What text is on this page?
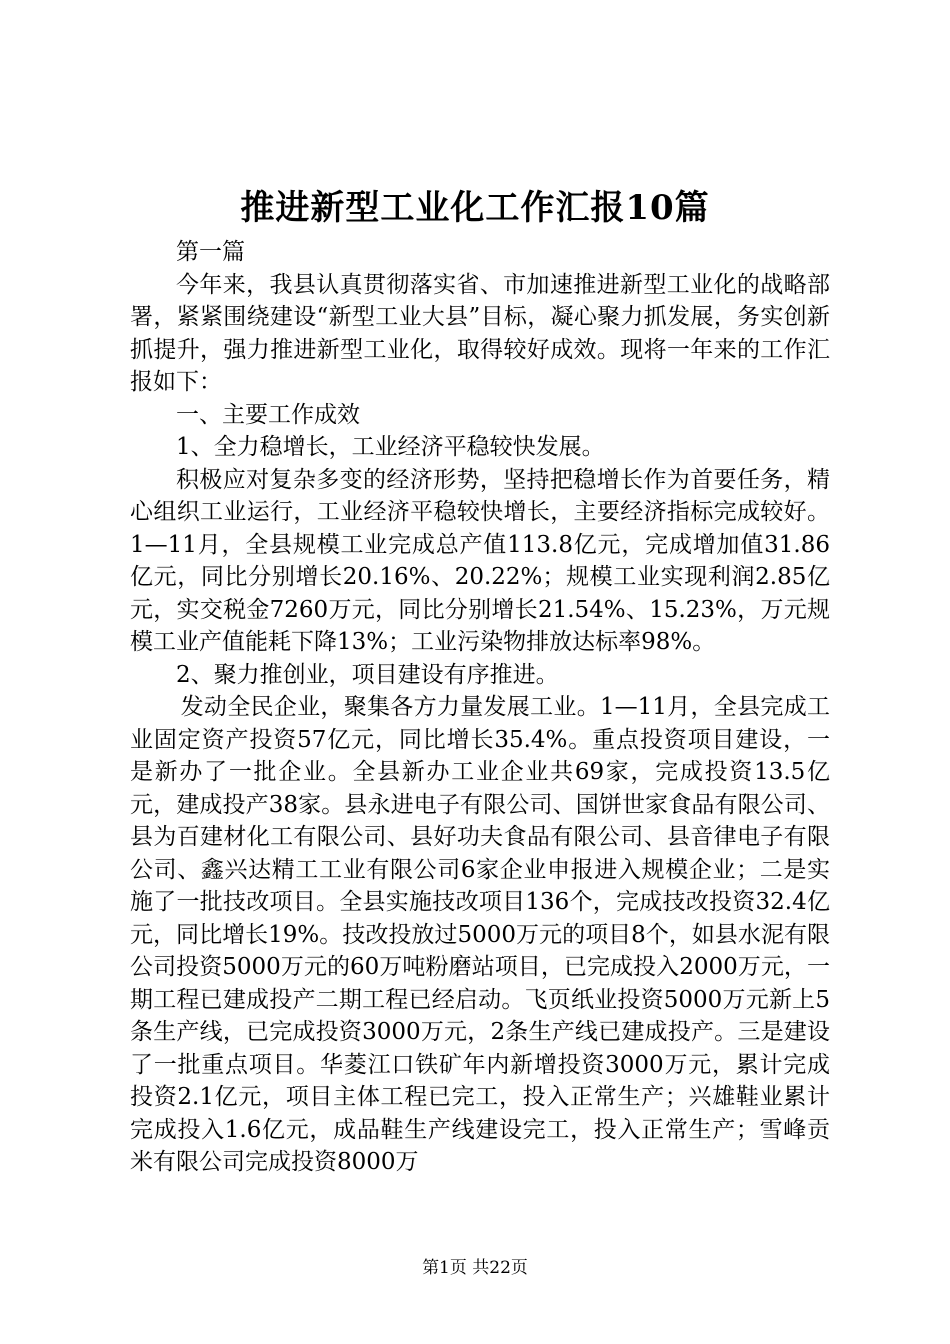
推进新型工业化工作汇报10篇

第一篇

今年来，我县认真贯彻落实省、市加速推进新型工业化的战略部署，紧紧围绕建设“新型工业大县”目标，凝心聚力抓发展，务实创新抓提升，强力推进新型工业化，取得较好成效。现将一年来的工作汇报如下：

一、主要工作成效

1、全力稳增长，工业经济平稳较快发展。

积极应对复杂多变的经济形势，坚持把稳增长作为首要任务，精心组织工业运行，工业经济平稳较快增长，主要经济指标完成较好。1—11月，全县规模工业完成总产值113.8亿元，完成增加值31.86亿元，同比分别增长20.16%、20.22%；规模工业实现利润2.85亿元，实交税金7260万元，同比分别增长21.54%、15.23%，万元规模工业产值能耗下降13%；工业污染物排放达标率98%。

2、聚力推创业，项目建设有序推进。

发动全民企业，聚集各方力量发展工业。1—11月，全县完成工业固定资产投资57亿元，同比增长35.4%。重点投资项目建设，一是新办了一批企业。全县新办工业企业共69家，完成投资13.5亿元，建成投产38家。县永进电子有限公司、国饼世家食品有限公司、县为百建材化工有限公司、县好功夫食品有限公司、县音律电子有限公司、鑫兴达精工工业有限公司6家企业申报进入规模企业；二是实施了一批技改项目。全县实施技改项目136个，完成技改投资32.4亿元，同比增长19%。技改投放过5000万元的项目8个，如县水泥有限公司投资5000万元的60万吨粉磨站项目，已完成投入2000万元，一期工程已建成投产二期工程已经启动。飞页纸业投资5000万元新上5条生产线，已完成投资3000万元，2条生产线已建成投产。三是建设了一批重点项目。华菱江口铁矿年内新增投资3000万元，累计完成投资2.1亿元，项目主体工程已完工，投入正常生产；兴雄鞋业累计完成投入1.6亿元，成品鞋生产线建设完工，投入正常生产；雪峰贡米有限公司完成投资8000万

第1页 共22页
